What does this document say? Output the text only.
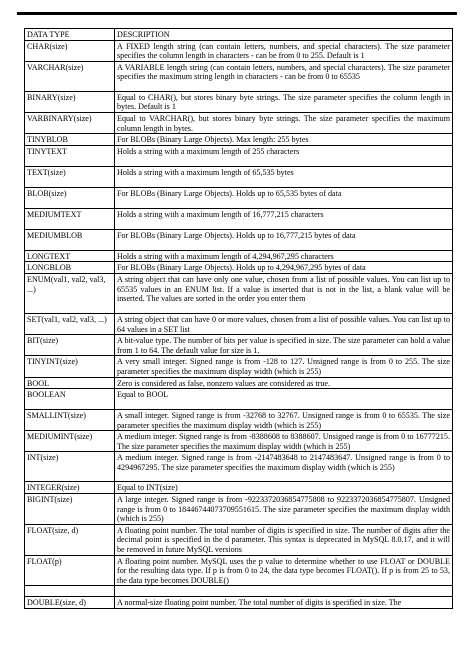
DATA TYPE	DESCRIPTION
CHAR(size)	A FIXED length string (can contain letters, numbers, and special characters). The size parameter specifies the column length in characters - can be from 0 to 255. Default is 1
VARCHAR(size)	A VARIABLE length string (can contain letters, numbers, and special characters). The size parameter specifies the maximum string length in characters - can be from 0 to 65535
BINARY(size)	Equal to CHAR(), but stores binary byte strings. The size parameter specifies the column length in bytes. Default is 1
VARBINARY(size)	Equal to VARCHAR(), but stores binary byte strings. The size parameter specifies the maximum column length in bytes.
TINYBLOB	For BLOBs (Binary Large Objects). Max length: 255 bytes
TINYTEXT	Holds a string with a maximum length of 255 characters
TEXT(size)	Holds a string with a maximum length of 65,535 bytes
BLOB(size)	For BLOBs (Binary Large Objects). Holds up to 65,535 bytes of data
MEDIUMTEXT	Holds a string with a maximum length of 16,777,215 characters
MEDIUMBLOB	For BLOBs (Binary Large Objects). Holds up to 16,777,215 bytes of data
LONGTEXT	Holds a string with a maximum length of 4,294,967,295 characters
LONGBLOB	For BLOBs (Binary Large Objects). Holds up to 4,294,967,295 bytes of data
ENUM(val1, val2, val3, ...)	A string object that can have only one value, chosen from a list of possible values. You can list up to 65535 values in an ENUM list. If a value is inserted that is not in the list, a blank value will be inserted. The values are sorted in the order you enter them
SET(val1, val2, val3, ...)	A string object that can have 0 or more values, chosen from a list of possible values. You can list up to 64 values in a SET list
BIT(size)	A bit-value type. The number of bits per value is specified in size. The size parameter can hold a value from 1 to 64. The default value for size is 1.
TINYINT(size)	A very small integer. Signed range is from -128 to 127. Unsigned range is from 0 to 255. The size parameter specifies the maximum display width (which is 255)
BOOL	Zero is considered as false, nonzero values are considered as true.
BOOLEAN	Equal to BOOL
SMALLINT(size)	A small integer. Signed range is from -32768 to 32767. Unsigned range is from 0 to 65535. The size parameter specifies the maximum display width (which is 255)
MEDIUMINT(size)	A medium integer. Signed range is from -8388608 to 8388607. Unsigned range is from 0 to 16777215. The size parameter specifies the maximum display width (which is 255)
INT(size)	A medium integer. Signed range is from -2147483648 to 2147483647. Unsigned range is from 0 to 4294967295. The size parameter specifies the maximum display width (which is 255)
INTEGER(size)	Equal to INT(size)
BIGINT(size)	A large integer. Signed range is from -9223372036854775808 to 9223372036854775807. Unsigned range is from 0 to 18446744073709551615. The size parameter specifies the maximum display width (which is 255)
FLOAT(size, d)	A floating point number. The total number of digits is specified in size. The number of digits after the decimal point is specified in the d parameter. This syntax is deprecated in MySQL 8.0.17, and it will be removed in future MySQL versions
FLOAT(p)	A floating point number. MySQL uses the p value to determine whether to use FLOAT or DOUBLE for the resulting data type. If p is from 0 to 24, the data type becomes FLOAT(). If p is from 25 to 53, the data type becomes DOUBLE()

DOUBLE(size, d)	A normal-size floating point number. The total number of digits is specified in size. The
